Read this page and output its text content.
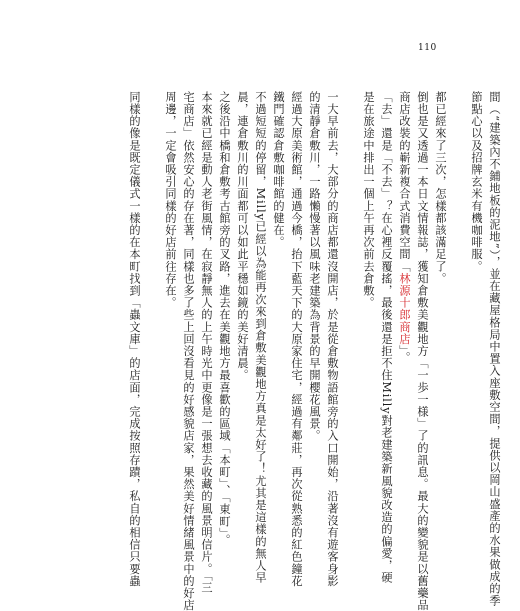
110
間（“建築內不鋪地板的泥地”），並在藏屋格局中置入座敷空間，提供以岡山盛產的水果做成的季
節點心以及招牌玄米有機咖啡服。
都已經來了三次，怎樣都該滿足了。
倒也是又透過一本日文情報誌，獲知倉敷美觀地方「一歩一様」了的訊息。最大的變貌是以舊藥品
商店改裝的嶄新複合式消費空間「林源十郎商店」。
「去」還是「不去」？在心裡反覆搖，最後還是拒不住Milly對老建築新風貌改造的偏愛，硬
是在旅途中排出一個上午再次前去倉敷。
一大早前去，大部分的商店都還沒開店，於是從倉敷物語館旁的入口開始，沿著沒有遊客身影
的清靜倉敷川，一路懶慢著以風味老建築為背景的早開櫻花風景。
經過大原美術館，通過今橋，抬下藍天下的大原家住宅，經過有鄰莊，再次從熟悉的紅色鐘花
鐵門確認倉敷咖啡館的健在。
不過短短的停留，Milly已經以為能再次來到倉敷美觀地方真是太好了！尤其是這樣的無人早
晨，連倉敷川的川面都可以如此平穩如鏡的美好清晨。
之後沿中橋和倉敷考古館旁的叉路，進去在美觀地方最喜歡的區域「本町」、「東町」。
本來就已經是動人老街風情，在寂靜無人的上午時光中更像是一張想去收藏的風景明信片。「三
宅商店」依然安心的存在著，同樣也多了些上回沒看見的好感貌店家，果然美好情緒風景中的好店
周邊，一定會吸引同樣的好店前往存在。
同樣的像是既定儀式一樣的在本町找到「蟲文庫」的店面，完成按照存蹟，私自的相信只要蟲
